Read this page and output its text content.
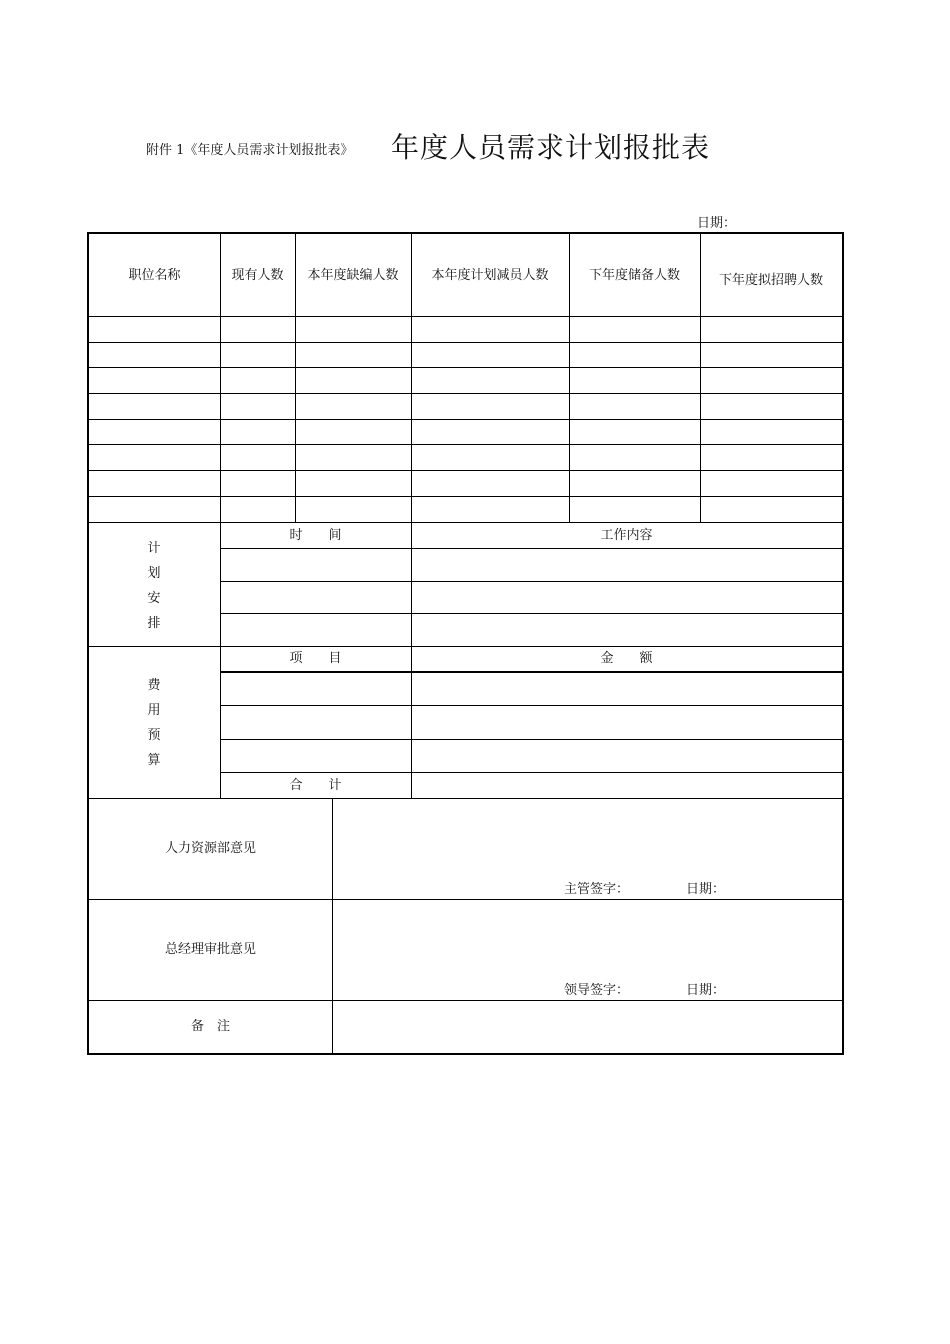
附件 1《年度人员需求计划报批表》 年度人员需求计划报批表
日期：
职位名称	现有人数	本年度缺编人数	本年度计划减员人数	下年度储备人数	下年度拟招聘人数
计
划
安
排
时　　间	工作内容
费
用
预
算
项　　目	金　　额
合　　计
人力资源部意见
主管签字：	日期：
总经理审批意见
领导签字：	日期：
备　注
